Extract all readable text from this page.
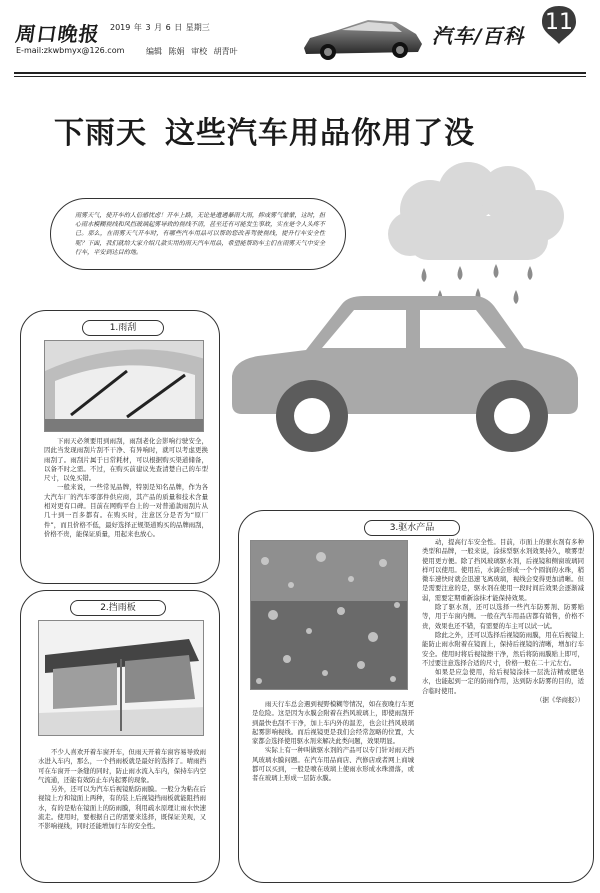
周口晚报
E-mail:zkwbmyx@126.com
2019 年 3 月 6 日 星期三
编辑 陈娟 审校 胡青叶
汽车/百科
11
下雨天 这些汽车用品你用了没

雨雾天气，使开车的人倍感忧虑！开车上路，无论是遭遇暴雨大雨，抑或雾气蒙蒙，这时，担心雨水模糊视线和风挡玻璃起雾导致的视线不清，甚至还有可能发生事故，实在是令人头疼不已。那么，在雨雾天气开车时，有哪些汽车用品可以帮助您改善驾驶视线，提升行车安全性呢？下面，我们就给大家介绍几款实用的雨天汽车用品，希望能帮助车主们在雨雾天气中安全行车，平安到达目的地。

1.雨刮

下雨天必须要用到雨刮，雨刮老化会影响行驶安全，因此当发现雨刮片刮不干净、有异响时，就可以考虑更换雨刮了。雨刮片属于日常耗材，可以根据购买渠道储备，以备不时之需。不过，在购买前建议先查清楚自己的车型尺寸，以免买错。

一般来说，一些常见品牌，特别是知名品牌，作为各大汽车厂的汽车零部件供应商，其产品的质量和技术含量相对更有口碑。目前在网购平台上的一对普通款雨刮片从几十到一百多都有。在购买时，注意区分是否为“原厂件”，而且价格不低，最好选择正规渠道购买的品牌雨刮，价格不贵，能保证质量，用起来也放心。

2.挡雨板

不少人喜欢开着车窗开车，但雨天开着车窗容易导致雨水进入车内，那么，一个挡雨板就是最好的选择了。晴雨挡可在车窗开一条缝的同时，防止雨水流入车内，保持车内空气流通，还能有效防止车内起雾的现象。

另外，还可以为汽车后视镜贴防雨膜。一般分为粘在后视镜上方和镜面上两种，有的装上后视镜挡雨板就能阻挡雨水，有的是贴在镜面上的防雨膜，利用疏水原理让雨水快速流走。使用时，要根据自己的需要来选择，既保证美观，又不影响视线，同时还能增加行车的安全性。

3.驱水产品

雨天行车总会遇到视野模糊等情况，如在夜晚行车更是危险。这是因为水膜会附着在挡风玻璃上，即使雨刮开到最快也刮不干净，加上车内外的温差，也会让挡风玻璃起雾影响视线。而后视镜更是我们会经常忽略的位置，大家都会选择使用驱水剂来解决此类问题，效果明显。

实际上有一种叫做驱水剂的产品可以专门针对雨天挡风玻璃水膜问题。在汽车用品商店、汽修店或者网上商城都可以买到，一般是喷在玻璃上使雨水形成水珠滑落，或者在玻璃上形成一层防水膜。

动，提高行车安全性。目前，市面上的驱水剂有多种类型和品牌，一般来说，涂抹型驱水剂效果持久，喷雾型使用更方便。除了挡风玻璃驱水剂，后视镜和侧窗玻璃同样可以使用。使用后，水滴会形成一个个圆润的水珠，稍微车速快时就会迅速飞离玻璃，视线会变得更加清晰。但是需要注意的是，驱水剂在使用一段时间后效果会逐渐减弱，需要定期重新涂抹才能保持效果。

除了驱水剂，还可以选择一些汽车防雾剂、防雾贴等，用于车窗内侧。一般在汽车用品店都有销售，价格不贵，效果也还不错，有需要的车主可以试一试。

除此之外，还可以选择后视镜防雨膜，用在后视镜上能防止雨水附着在镜面上，保持后视镜的清晰，增加行车安全。使用时将后视镜擦干净，然后将防雨膜贴上即可，不过要注意选择合适的尺寸，价格一般在二十元左右。

如果是应急使用，给后视镜涂抹一层洗洁精或肥皂水，也能起到一定的防雨作用，达到防水防雾的目的，适合临时使用。

（据《华商报》）
